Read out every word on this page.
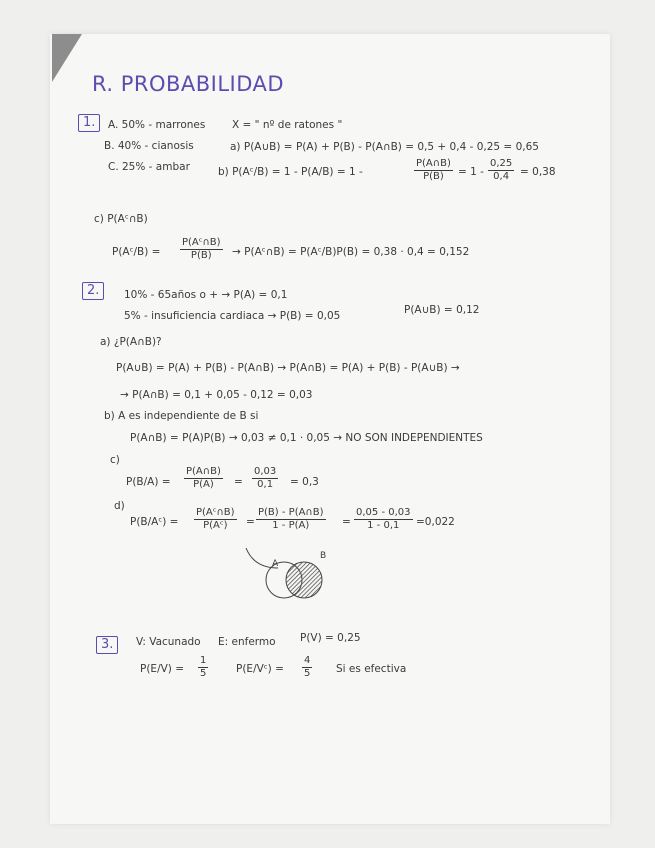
R. PROBABILIDAD
1.	A. 50% - marrones
B. 40% - cianosis
C. 25% - ambar
X = " nº de ratones "
a) P(A∪B) = P(A) + P(B) - P(A∩B) = 0,5 + 0,4 - 0,25 = 0,65
b) P(Aᶜ/B) = 1 - P(A/B) = 1 -	$\frac{P(A\cap B)}{P(B)} = 1 - \frac{0,25}{0,4} = 0,38$
c) P(Aᶜ∩B)
P(Aᶜ/B) = $\frac{\text{P(Aᶜ∩B)}}{P(B)}$ → P(Aᶜ∩B) = P(Aᶜ/B)P(B) = 0,38 · 0,4 = 0,152
2.	10% - 65años o + → P(A) = 0,1
5% - insuficiencia cardiaca → P(B) = 0,05	P(A∪B) = 0,12
a) ¿P(A∩B)?
P(A∪B) = P(A) + P(B) - P(A∩B) → P(A∩B) = P(A) + P(B) - P(A∪B) →
→ P(A∩B) = 0,1 + 0,05 - 0,12 = 0,03
b) A es independiente de B si
P(A∩B) = P(A)P(B) → 0,03 ≠ 0,1 · 0,05 → NO SON INDEPENDIENTES
c)
$P(B/A) = \frac{P(A\cap B)}{P(A)} = \frac{0,03}{0,1} = 0,3$
d)
P(B/Aᶜ) = $\frac{\text{P(Aᶜ∩B)}}{\text{P(Aᶜ)}} = \frac{P(B) - P(A\cap B)}{1 - P(A)} = \frac{0,05 - 0,03}{1 - 0,1} =0,022$
A
B
3.	V: Vacunado E: enfermo P(V) = 0,25
$P(E/V) = \frac{1}{5}$	P(E/Vᶜ) = $\frac{4}{5}$ Si es efectiva
